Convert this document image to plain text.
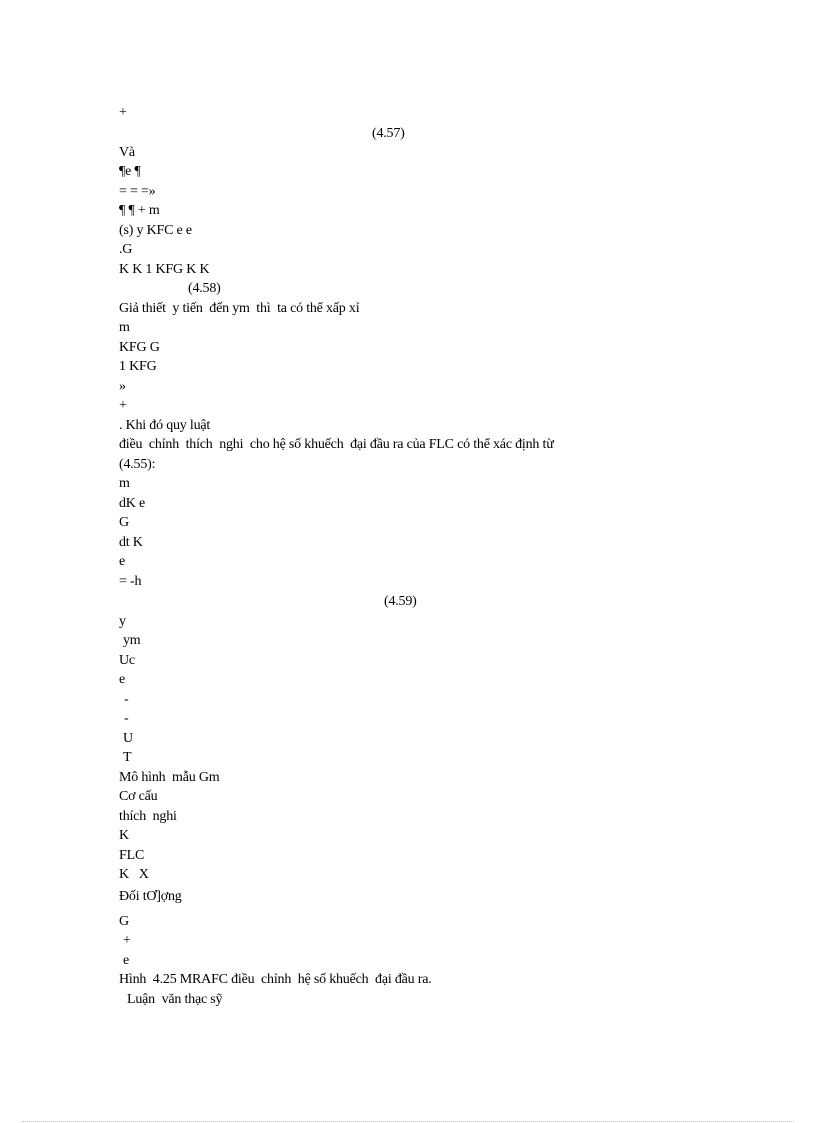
+
(4.57)
Và
¶e ¶
= = =»
¶ ¶ + m
(s) y KFC e e
.G
K K 1 KFG K K
(4.58)
Giả thiết  y tiến  đến ym  thì  ta có thể xấp xỉ
m
KFG G
1 KFG
»
+
. Khi đó quy luật
điều  chỉnh  thích  nghi  cho hệ số khuếch  đại đầu ra của FLC có thể xác định từ
(4.55):
m
dK e
G
dt K
e
= -h
(4.59)
y
ym
Uc
e
-
-
U
T
Mô hình  mẫu Gm
Cơ cấu
thích  nghi
K
FLC
K   X
Đối tƠ]ợng
G
+
e
Hình  4.25 MRAFC điều  chỉnh  hệ số khuếch  đại đầu ra.
Luận  văn thạc sỹ
